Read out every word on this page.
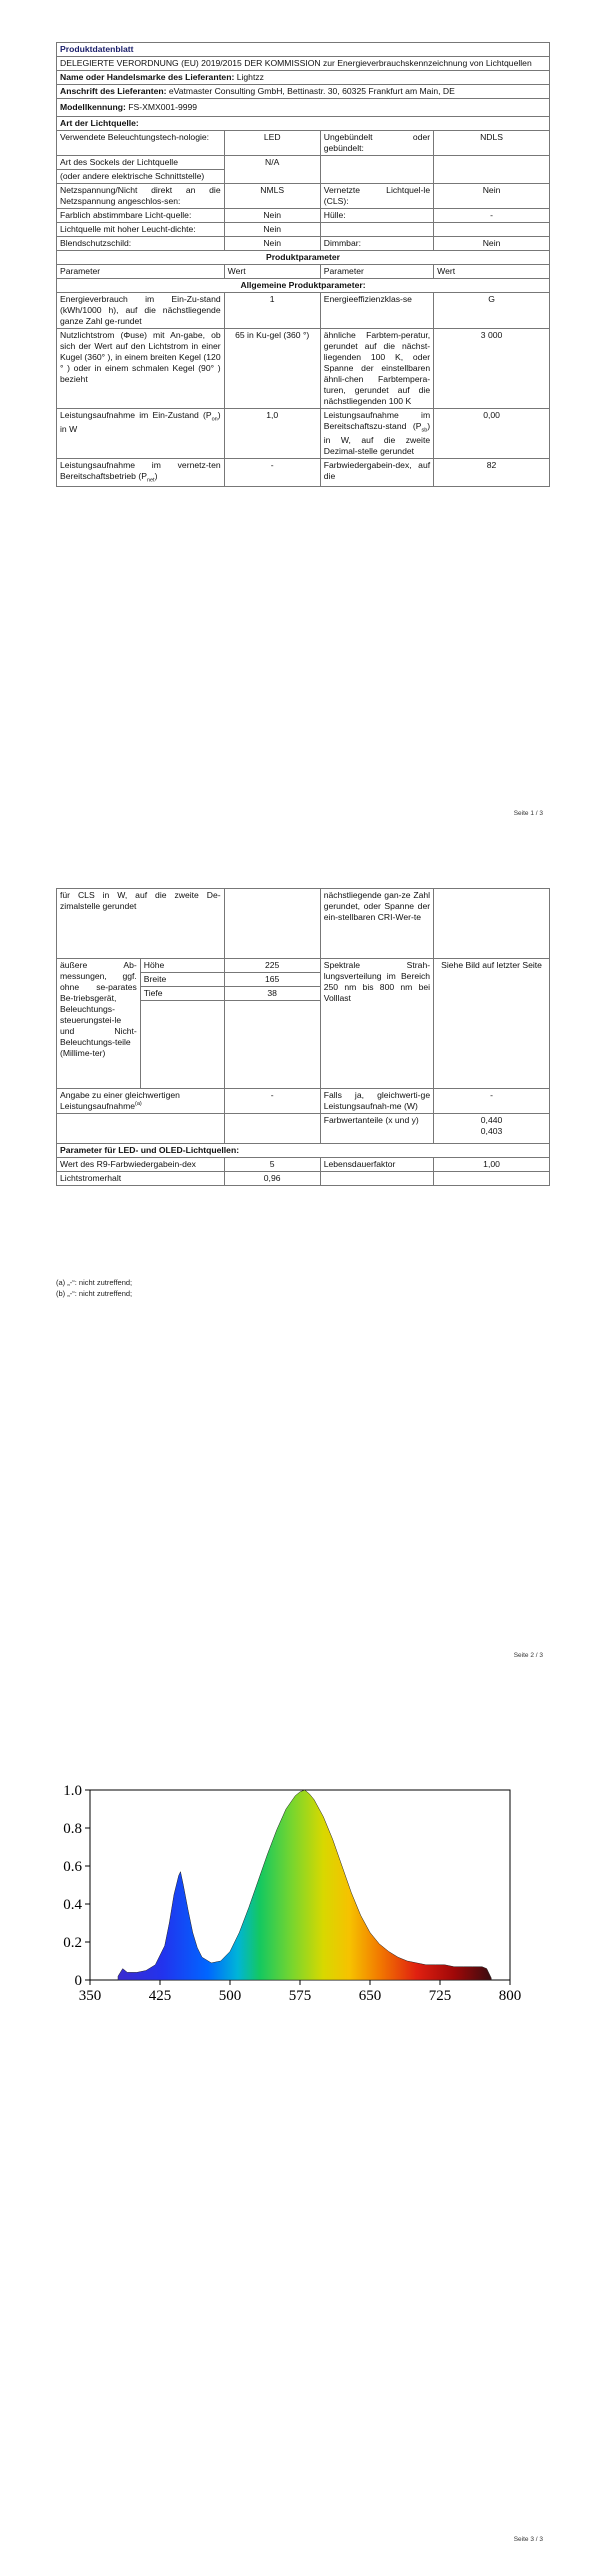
Produktdatenblatt			
DELEGIERTE VERORDNUNG (EU) 2019/2015 DER KOMMISSION zur Energieverbrauchskennzeichnung von Lichtquellen			
Name oder Handelsmarke des Lieferanten: Lightzz			
Anschrift des Lieferanten: eVatmaster Consulting GmbH, Bettinastr. 30, 60325 Frankfurt am Main, DE			
Modellkennung: FS-XMX001-9999			
Art der Lichtquelle:			
Verwendete Beleuchtungstech-nologie:	LED	Ungebündelt oder gebündelt:	NDLS
Art des Sockels der Lichtquelle	N/A		
(oder andere elektrische Schnittstelle)			
Netzspannung/Nicht direkt an die Netzspannung angeschlos-sen:	NMLS	Vernetzte Lichtquel-le (CLS):	Nein
Farblich abstimmbare Licht-quelle:	Nein	Hülle:	-
Lichtquelle mit hoher Leucht-dichte:	Nein		
Blendschutzschild:	Nein	Dimmbar:	Nein
Produktparameter			
Parameter	Wert	Parameter	Wert
Allgemeine Produktparameter:			
Energieverbrauch im Ein-Zu-stand (kWh/1000 h), auf die nächstliegende ganze Zahl ge-rundet	1	Energieeffizienzklas-se	G
Nutzlichtstrom (Φuse) mit An-gabe, ob sich der Wert auf den Lichtstrom in einer Kugel (360° ), in einem breiten Kegel (120 ° ) oder in einem schmalen Kegel (90° ) bezieht	65 in Ku-gel (360 °)	ähnliche Farbtem-peratur, gerundet auf die nächst-liegenden 100 K, oder Spanne der einstellbaren ähnli-chen Farbtempera-turen, gerundet auf die nächstliegenden 100 K	3 000
Leistungsaufnahme im Ein-Zustand $(P_{on})$ in W	1,0	Leistungsaufnahme im Bereitschaftszu-stand $(P_{sb})$ in W, auf die zweite Dezimal-stelle gerundet	0,00
Leistungsaufnahme im vernetz-ten Bereitschaftsbetrieb $(P_{net})$	-	Farbwiedergabein-dex, auf die	82
Seite 1 / 3
für CLS in W, auf die zweite De-zimalstelle gerundet			nächstliegende gan-ze Zahl gerundet, oder Spanne der ein-stellbaren CRI-Wer-te	
äußere Ab-messungen, ggf. ohne se-parates Be-triebsgerät, Beleuchtungs-steuerungstei-le und Nicht-Beleuchtungs-teile (Millime-ter)	Höhe	225	Spektrale Strah-lungsverteilung im Bereich 250 nm bis 800 nm bei Volllast	Siehe Bild auf letzter Seite
	Breite	165		
	Tiefe	38		

Angabe zu einer gleichwertigen Leistungsaufnahme$^{(a)}$		-	Falls ja, gleichwerti-ge Leistungsaufnah-me (W)	-
			Farbwertanteile (x und y)	0,440
0,403

Parameter für LED- und OLED-Lichtquellen:				
Wert des R9-Farbwiedergabein-dex		5	Lebensdauerfaktor	1,00
Lichtstromerhalt		0,96		
(a) „-“: nicht zutreffend;
(b) „-“: nicht zutreffend;
Seite 2 / 3
350	425	500	575	650	725	800
0
0.2
0.4
0.6
0.8
1.0
Seite 3 / 3
